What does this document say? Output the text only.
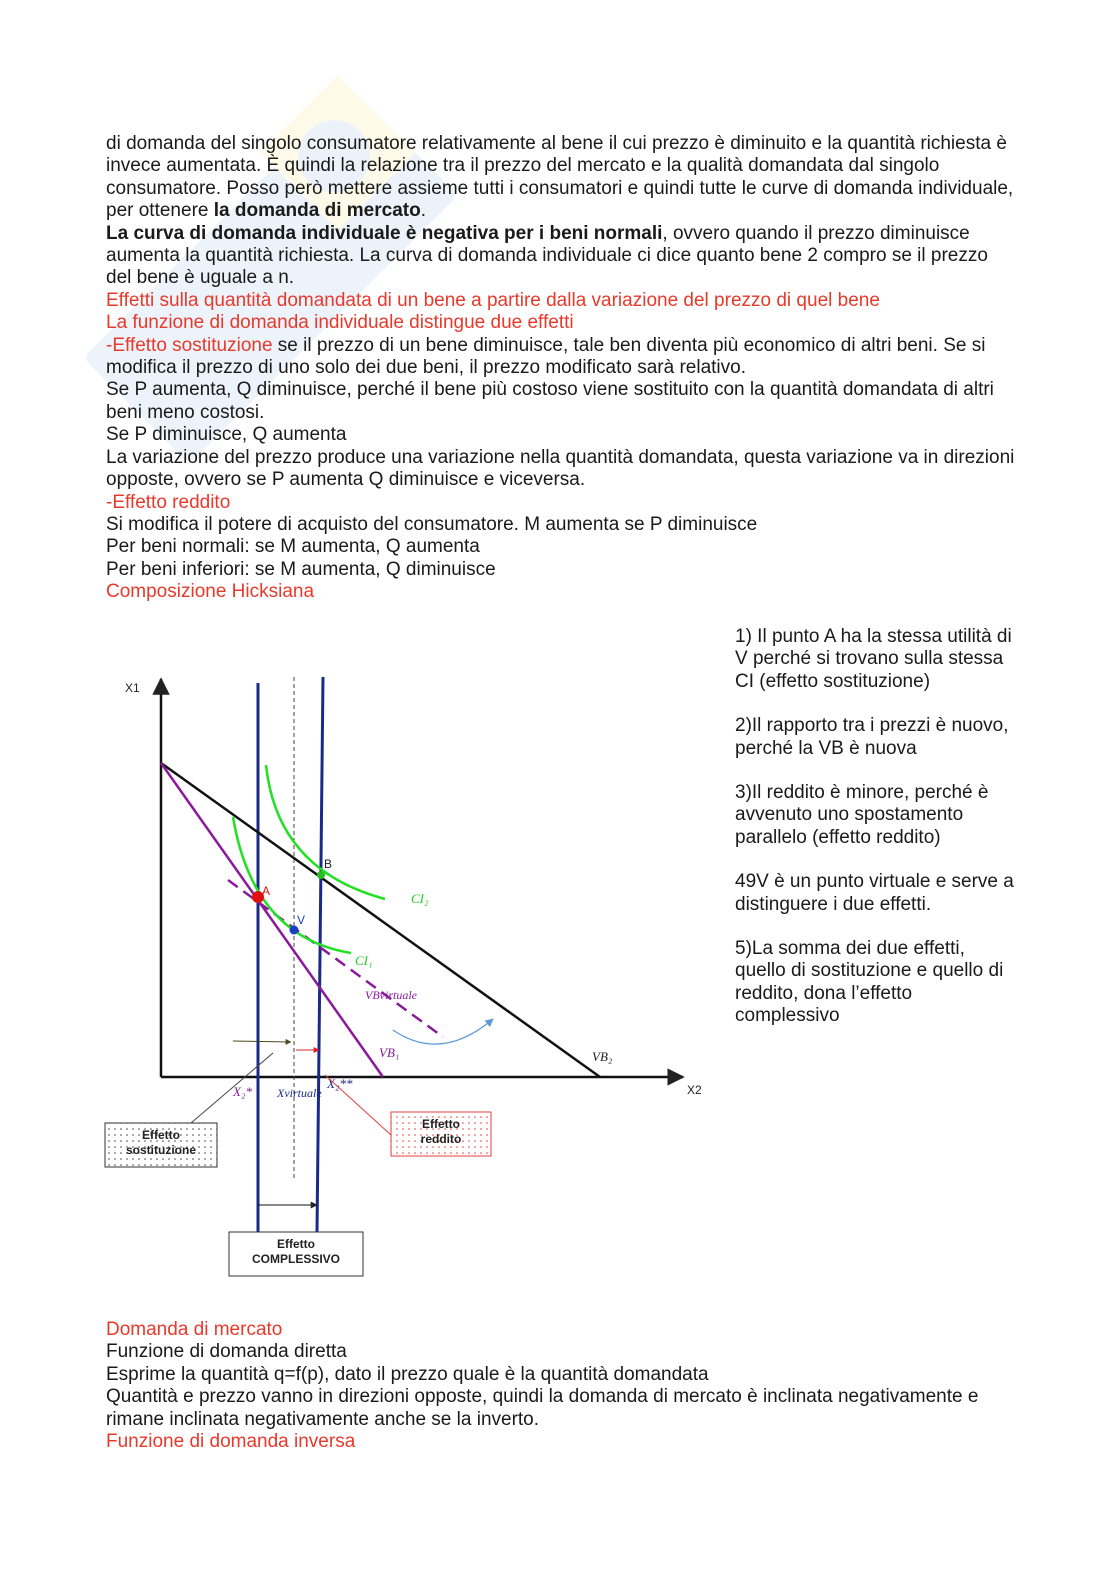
di domanda del singolo consumatore relativamente al bene il cui prezzo è diminuito e la quantità richiesta è invece aumentata. È quindi la relazione tra il prezzo del mercato e la qualità domandata dal singolo consumatore. Posso però mettere assieme tutti i consumatori e quindi tutte le curve di domanda individuale, per ottenere la domanda di mercato.

La curva di domanda individuale è negativa per i beni normali, ovvero quando il prezzo diminuisce aumenta la quantità richiesta. La curva di domanda individuale ci dice quanto bene 2 compro se il prezzo del bene è uguale a n.

Effetti sulla quantità domandata di un bene a partire dalla variazione del prezzo di quel bene

La funzione di domanda individuale distingue due effetti

-Effetto sostituzione se il prezzo di un bene diminuisce, tale ben diventa più economico di altri beni. Se si modifica il prezzo di uno solo dei due beni, il prezzo modificato sarà relativo.

Se P aumenta, Q diminuisce, perché il bene più costoso viene sostituito con la quantità domandata di altri beni meno costosi.

Se P diminuisce, Q aumenta

La variazione del prezzo produce una variazione nella quantità domandata, questa variazione va in direzioni opposte, ovvero se P aumenta Q diminuisce e viceversa.

-Effetto reddito

Si modifica il potere di acquisto del consumatore. M aumenta se P diminuisce

Per beni normali: se M aumenta, Q aumenta

Per beni inferiori: se M aumenta, Q diminuisce

Composizione Hicksiana

X1
X2
A
B
V
CI₂
CI₁
VBvirtuale
VB₁	VB₂
X₂* Xvirtuale
X₂**
Effetto
sostituzione
Effetto
reddito
Effetto
COMPLESSIVO

1) Il punto A ha la stessa utilità di V perché si trovano sulla stessa CI (effetto sostituzione)

2)Il rapporto tra i prezzi è nuovo, perché la VB è nuova

3)Il reddito è minore, perché è avvenuto uno spostamento parallelo (effetto reddito)

49V è un punto virtuale e serve a distinguere i due effetti.

5)La somma dei due effetti, quello di sostituzione e quello di reddito, dona l’effetto complessivo

Domanda di mercato

Funzione di domanda diretta

Esprime la quantità q=f(p), dato il prezzo quale è la quantità domandata

Quantità e prezzo vanno in direzioni opposte, quindi la domanda di mercato è inclinata negativamente e rimane inclinata negativamente anche se la inverto.

Funzione di domanda inversa
